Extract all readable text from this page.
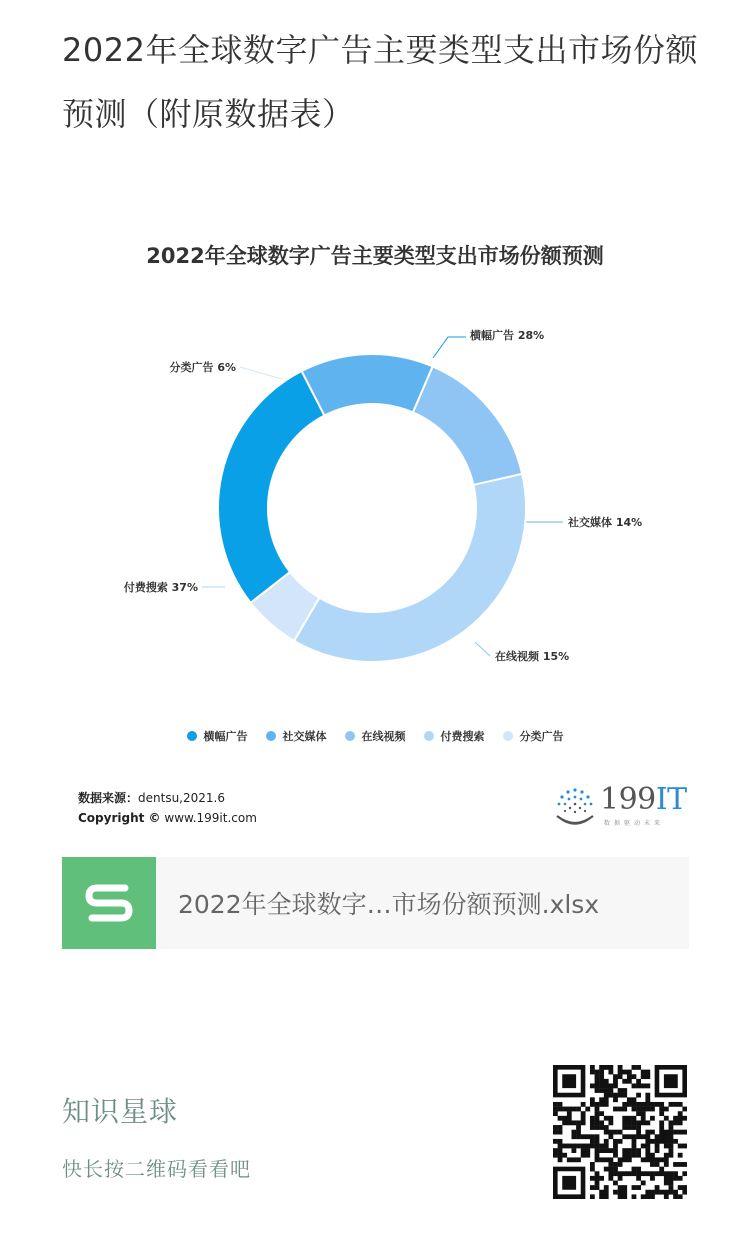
2022年全球数字广告主要类型支出市场份额预测（附原数据表）
2022年全球数字广告主要类型支出市场份额预测
横幅广告 28%
社交媒体 14%
在线视频 15%
付费搜索 37%
分类广告 6%
横幅广告	社交媒体	在线视频	付费搜索	分类广告
数据来源：dentsu,2021.6
Copyright © www.199it.com
199IT
数据驱动未来
2022年全球数字…市场份额预测.xlsx
知识星球
快长按二维码看看吧
